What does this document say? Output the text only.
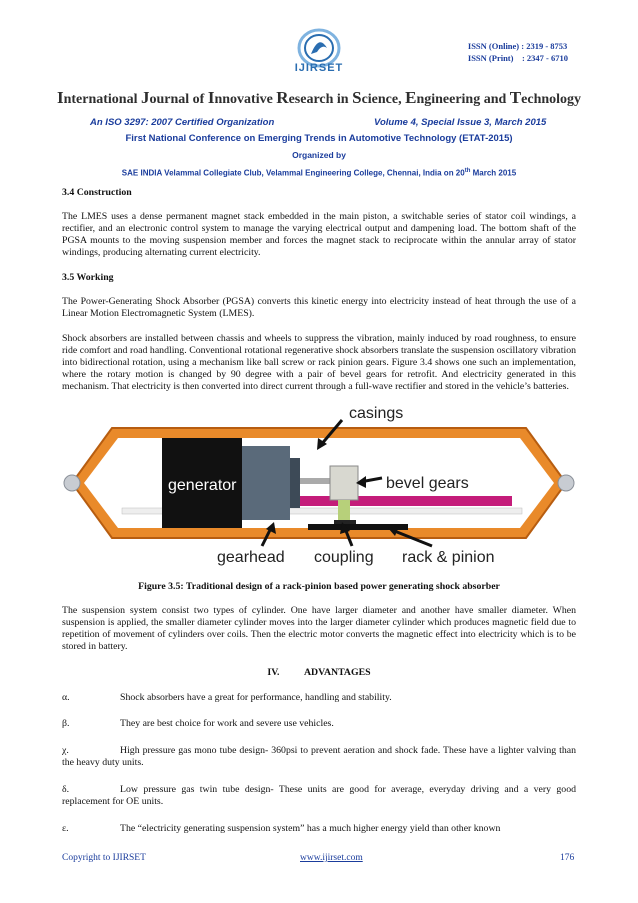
IJIRSET
ISSN (Online) : 2319 - 8753
ISSN (Print)    : 2347 - 6710
International Journal of Innovative Research in Science, Engineering and Technology
An ISO 3297: 2007 Certified Organization	Volume 4, Special Issue 3, March 2015
First National Conference on Emerging Trends in Automotive Technology (ETAT-2015)
Organized by
SAE INDIA Velammal Collegiate Club, Velammal Engineering College, Chennai, India on 20th March 2015
3.4 Construction
The LMES uses a dense permanent magnet stack embedded in the main piston, a switchable series of stator coil windings, a rectifier, and an electronic control system to manage the varying electrical output and dampening load. The bottom shaft of the PGSA mounts to the moving suspension member and forces the magnet stack to reciprocate within the annular array of stator windings, producing alternating current electricity.
3.5 Working
The Power-Generating Shock Absorber (PGSA) converts this kinetic energy into electricity instead of heat through the use of a Linear Motion Electromagnetic System (LMES).
Shock absorbers are installed between chassis and wheels to suppress the vibration, mainly induced by road roughness, to ensure ride comfort and road handling. Conventional rotational regenerative shock absorbers translate the suspension oscillatory vibration into bidirectional rotation, using a mechanism like ball screw or rack pinion gears. Figure 3.4 shows one such an implementation, where the rotary motion is changed by 90 degree with a pair of bevel gears for retrofit. And electricity generated in this mechanism. That electricity is then converted into direct current through a full-wave rectifier and stored in the vehicle’s batteries.
casings
generator	bevel gears
gearhead coupling rack & pinion
Figure 3.5: Traditional design of a rack-pinion based power generating shock absorber
The suspension system consist two types of cylinder. One have larger diameter and another have smaller diameter. When suspension is applied, the smaller diameter cylinder moves into the larger diameter cylinder which produces magnetic field due to repetition of movement of cylinders over coils. Then the electric motor converts the magnetic effect into electricity which is to be stored in battery.
IV.	ADVANTAGES
α.	Shock absorbers have a great for performance, handling and stability.
β.	They are best choice for work and severe use vehicles.
χ.	High pressure gas mono tube design- 360psi to prevent aeration and shock fade. These have a lighter valving than the heavy duty units.
δ.	Low pressure gas twin tube design- These units are good for average, everyday driving and a very good replacement for OE units.
ε.	The “electricity generating suspension system” has a much higher energy yield than other known
Copyright to IJIRSET	www.ijirset.com	176
